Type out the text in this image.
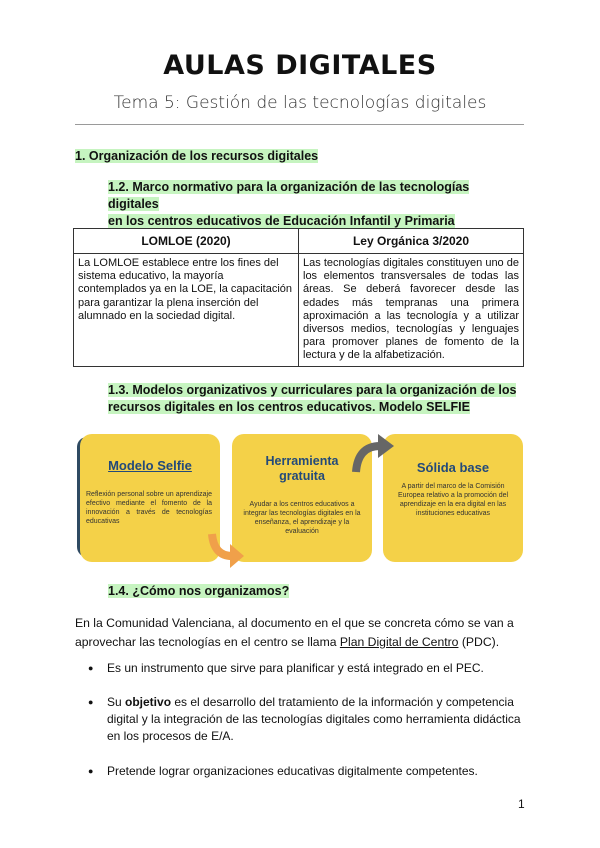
AULAS DIGITALES
Tema 5: Gestión de las tecnologías digitales
1. Organización de los recursos digitales
1.2. Marco normativo para la organización de las tecnologías digitales
en los centros educativos de Educación Infantil y Primaria
LOMLOE (2020)	Ley Orgánica 3/2020
La LOMLOE establece entre los fines del sistema educativo, la mayoría contemplados ya en la LOE, la capacitación para garantizar la plena inserción del alumnado en la sociedad digital.	Las tecnologías digitales constituyen uno de los elementos transversales de todas las áreas. Se deberá favorecer desde las edades más tempranas una primera aproximación a las tecnología y a utilizar diversos medios, tecnologías y lenguajes para promover planes de fomento de la lectura y de la alfabetización.
1.3. Modelos organizativos y curriculares para la organización de los
recursos digitales en los centros educativos. Modelo SELFIE
Modelo Selfie
Reflexión personal sobre un aprendizaje efectivo mediante el fomento de la innovación a través de tecnologías educativas
Herramienta
gratuita
Ayudar a los centros educativos a integrar las tecnologías digitales en la enseñanza, el aprendizaje y la evaluación
Sólida base
A partir del marco de la Comisión Europea relativo a la promoción del aprendizaje en la era digital en las instituciones educativas
1.4. ¿Cómo nos organizamos?
En la Comunidad Valenciana, al documento en el que se concreta cómo se van a aprovechar las tecnologías en el centro se llama Plan Digital de Centro (PDC).
● Es un instrumento que sirve para planificar y está integrado en el PEC.
● Su objetivo es el desarrollo del tratamiento de la información y competencia digital y la integración de las tecnologías digitales como herramienta didáctica en los procesos de E/A.
● Pretende lograr organizaciones educativas digitalmente competentes.
1
